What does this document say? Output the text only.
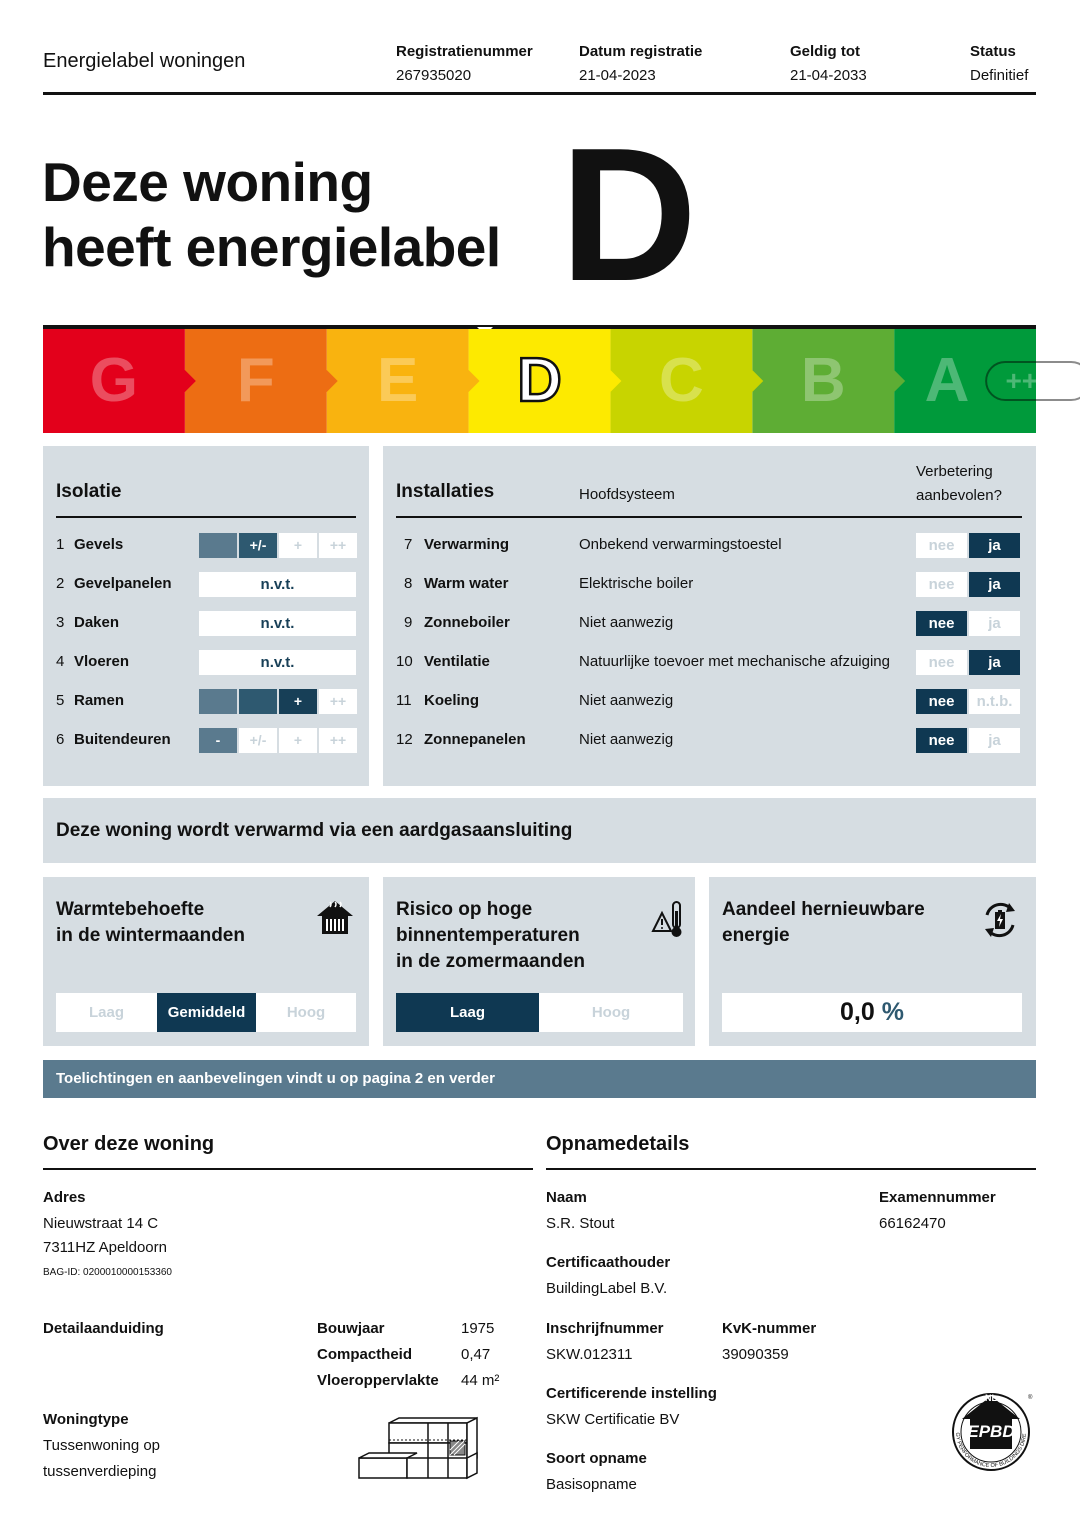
Energielabel woningen	Registratienummer
267935020
Datum registratie
21-04-2023
Geldig tot
21-04-2033
Status
Definitief
Deze woning
heeft energielabel D
G F E D C B A ++++
Isolatie
1 Gevels	+/-	+	++
2 Gevelpanelen	n.v.t.
3 Daken	n.v.t.
4 Vloeren	n.v.t.
5 Ramen	+	++
6 Buitendeuren	-	+/-	+	++
Installaties	Hoofdsysteem
Verbetering
aanbevolen?
7 Verwarming	Onbekend verwarmingstoestel	nee	ja
8 Warm water	Elektrische boiler	nee	ja
9 Zonneboiler	Niet aanwezig	nee	ja
10 Ventilatie	Natuurlijke toevoer met mechanische afzuiging	nee	ja
11 Koeling	Niet aanwezig	nee	n.t.b.
12 Zonnepanelen	Niet aanwezig	nee	ja
Deze woning wordt verwarmd via een aardgasaansluiting
Warmtebehoefte
in de wintermaanden
Laag	Gemiddeld	Hoog
Risico op hoge
binnentemperaturen
in de zomermaanden
Laag	Hoog
Aandeel hernieuwbare
energie
0,0 %
Toelichtingen en aanbevelingen vindt u op pagina 2 en verder
Over deze woning
Adres
Nieuwstraat 14 C
7311HZ Apeldoorn
BAG-ID: 0200010000153360
Detailaanduiding	Bouwjaar	1975
Compactheid	0,47
Vloeroppervlakte 44 m²
Woningtype
Tussenwoning op
tussenverdieping
Opnamedetails
Naam
S.R. Stout
Examennummer
66162470
Certificaathouder
BuildingLabel B.V.
Inschrijfnummer
SKW.012311
KvK-nummer
39090359
Certificerende instelling
SKW Certificatie BV
Soort opname
Basisopname
EPBD
NL
GY PERFORMANCE OF BUILDINGS DIRE
®
